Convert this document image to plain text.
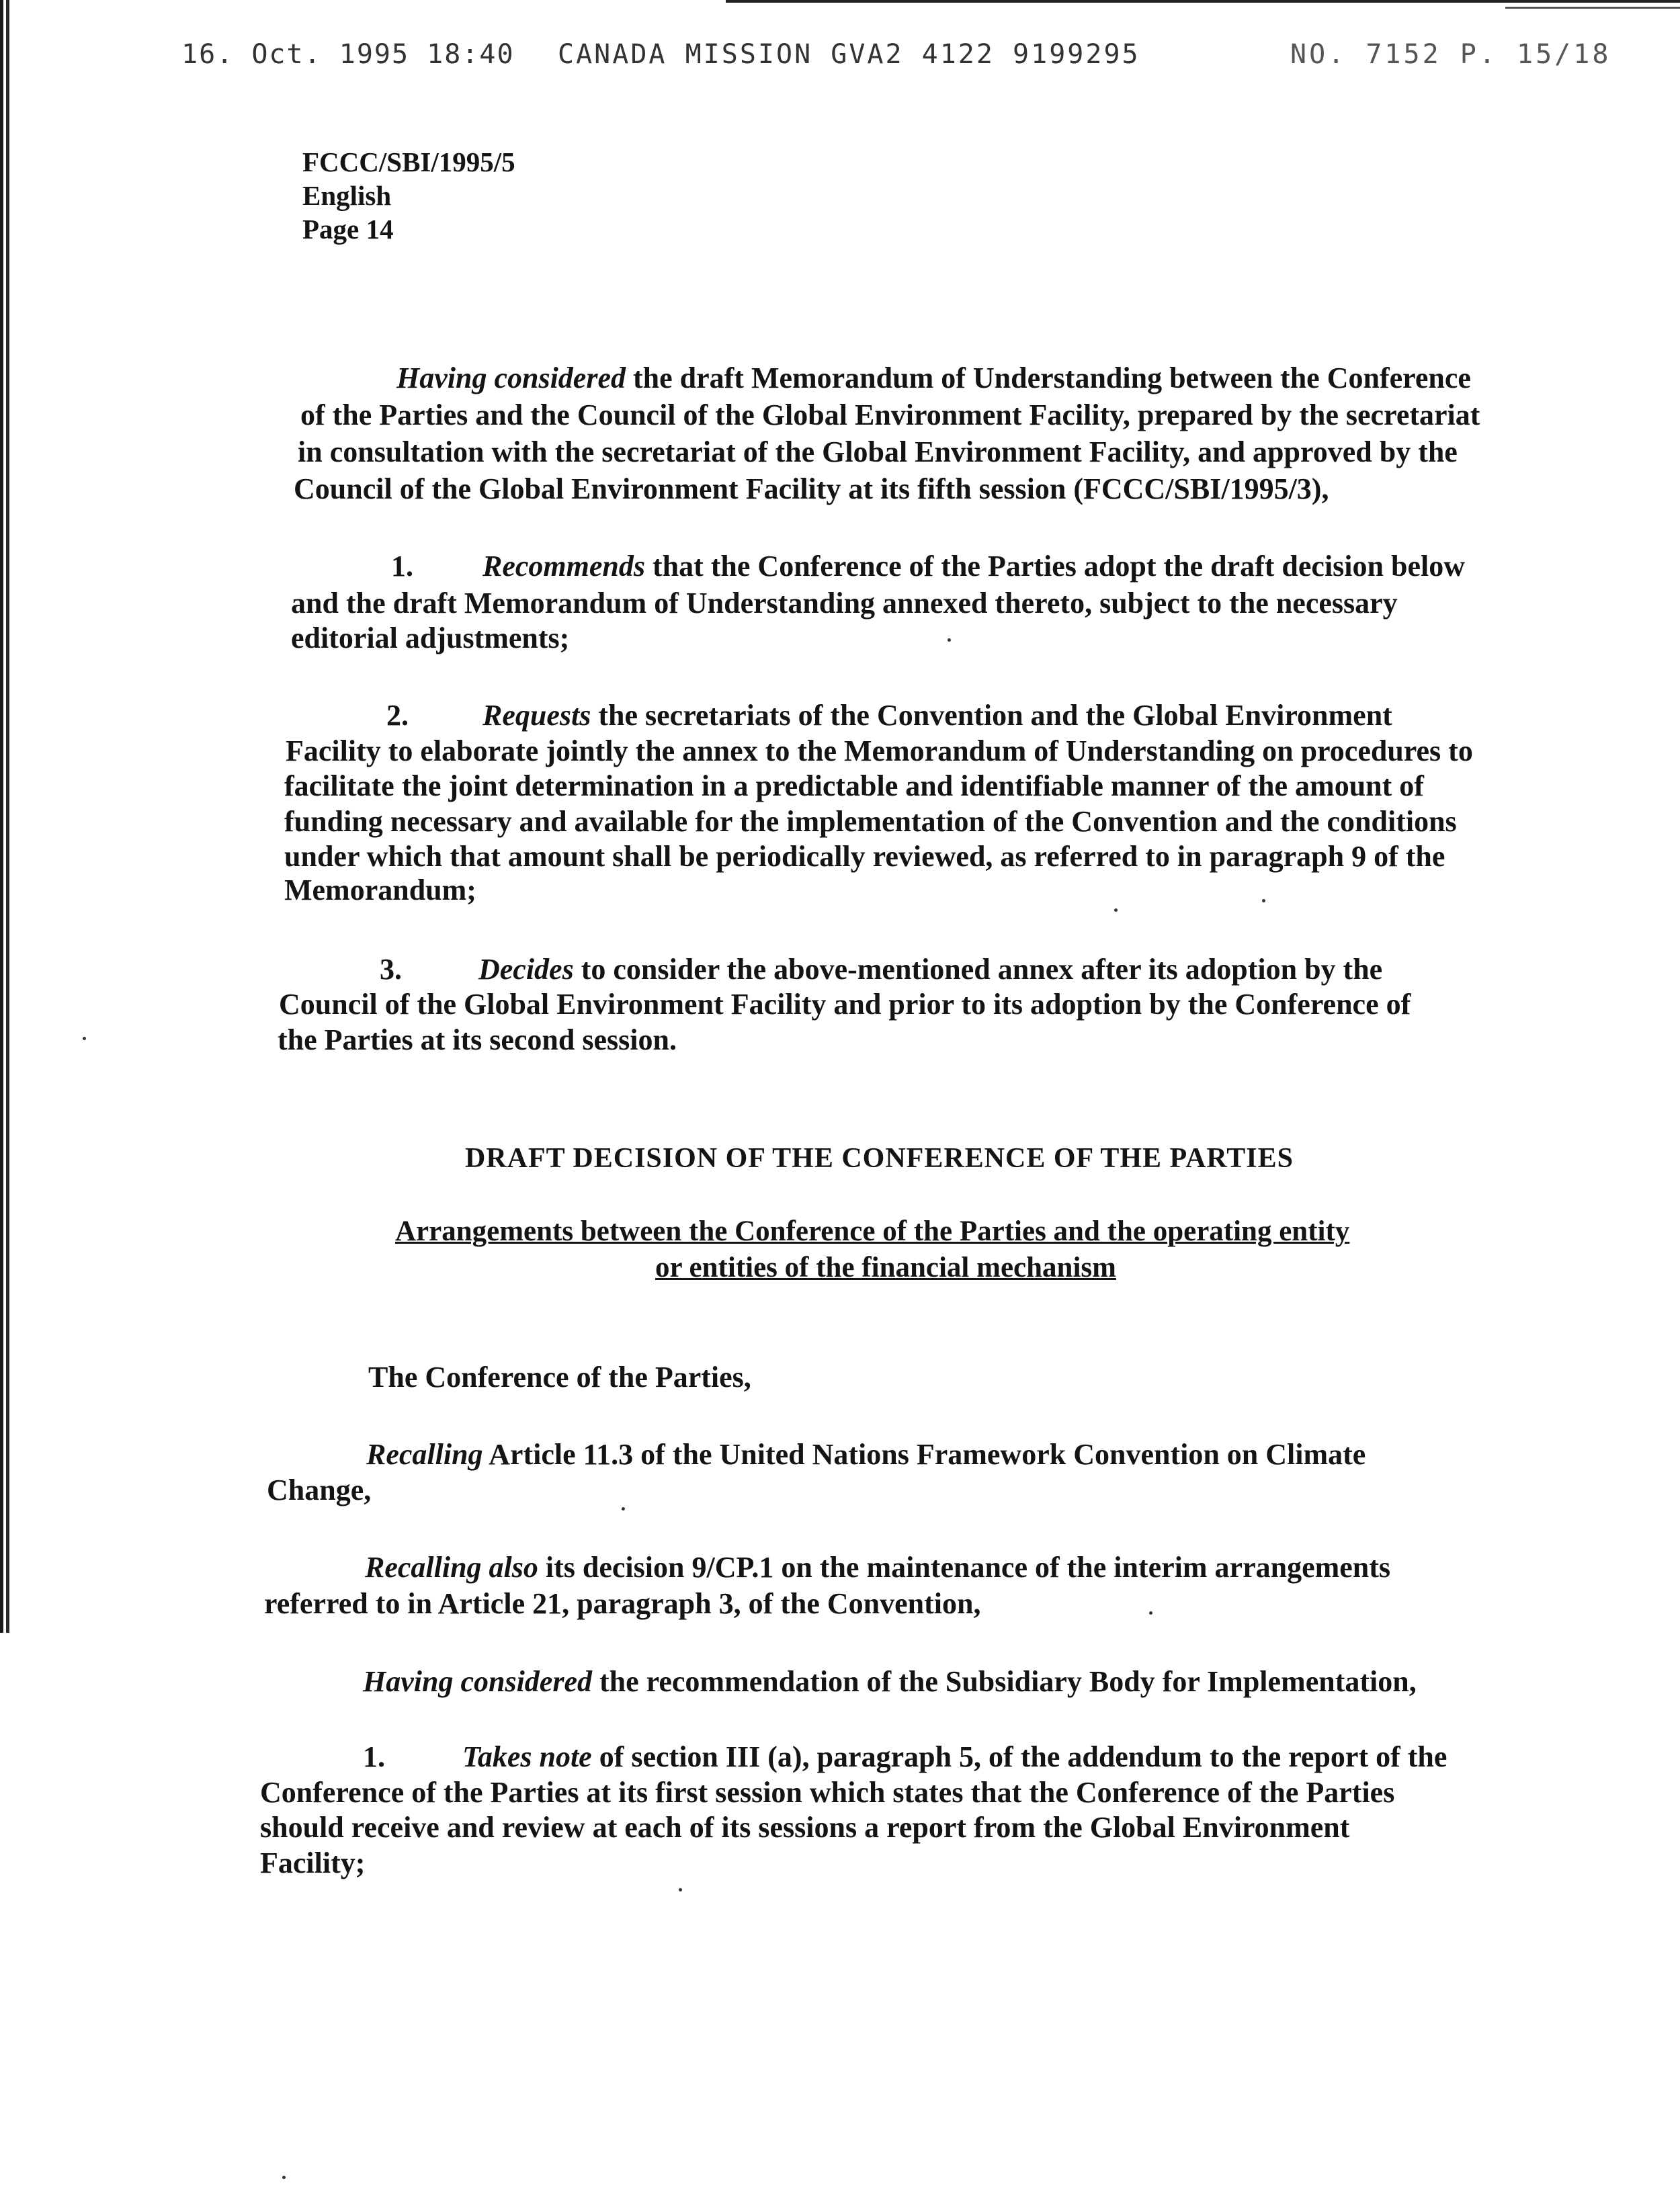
16. Oct. 1995 18:40 CANADA MISSION GVA2 4122 9199295	NO. 7152 P. 15/18
FCCC/SBI/1995/5
English
Page 14
Having considered the draft Memorandum of Understanding between the Conference
of the Parties and the Council of the Global Environment Facility, prepared by the secretariat
in consultation with the secretariat of the Global Environment Facility, and approved by the
Council of the Global Environment Facility at its fifth session (FCCC/SBI/1995/3),
1. Recommends that the Conference of the Parties adopt the draft decision below
and the draft Memorandum of Understanding annexed thereto, subject to the necessary
editorial adjustments;
2.	Requests the secretariats of the Convention and the Global Environment
Facility to elaborate jointly the annex to the Memorandum of Understanding on procedures to
facilitate the joint determination in a predictable and identifiable manner of the amount of
funding necessary and available for the implementation of the Convention and the conditions
under which that amount shall be periodically reviewed, as referred to in paragraph 9 of the
Memorandum;
3.	Decides to consider the above-mentioned annex after its adoption by the
Council of the Global Environment Facility and prior to its adoption by the Conference of
the Parties at its second session.
DRAFT DECISION OF THE CONFERENCE OF THE PARTIES
Arrangements between the Conference of the Parties and the operating entity
or entities of the financial mechanism
The Conference of the Parties,
Recalling Article 11.3 of the United Nations Framework Convention on Climate
Change,
Recalling also its decision 9/CP.1 on the maintenance of the interim arrangements
referred to in Article 21, paragraph 3, of the Convention,
Having considered the recommendation of the Subsidiary Body for Implementation,
1.	Takes note of section III (a), paragraph 5, of the addendum to the report of the
Conference of the Parties at its first session which states that the Conference of the Parties
should receive and review at each of its sessions a report from the Global Environment
Facility;
